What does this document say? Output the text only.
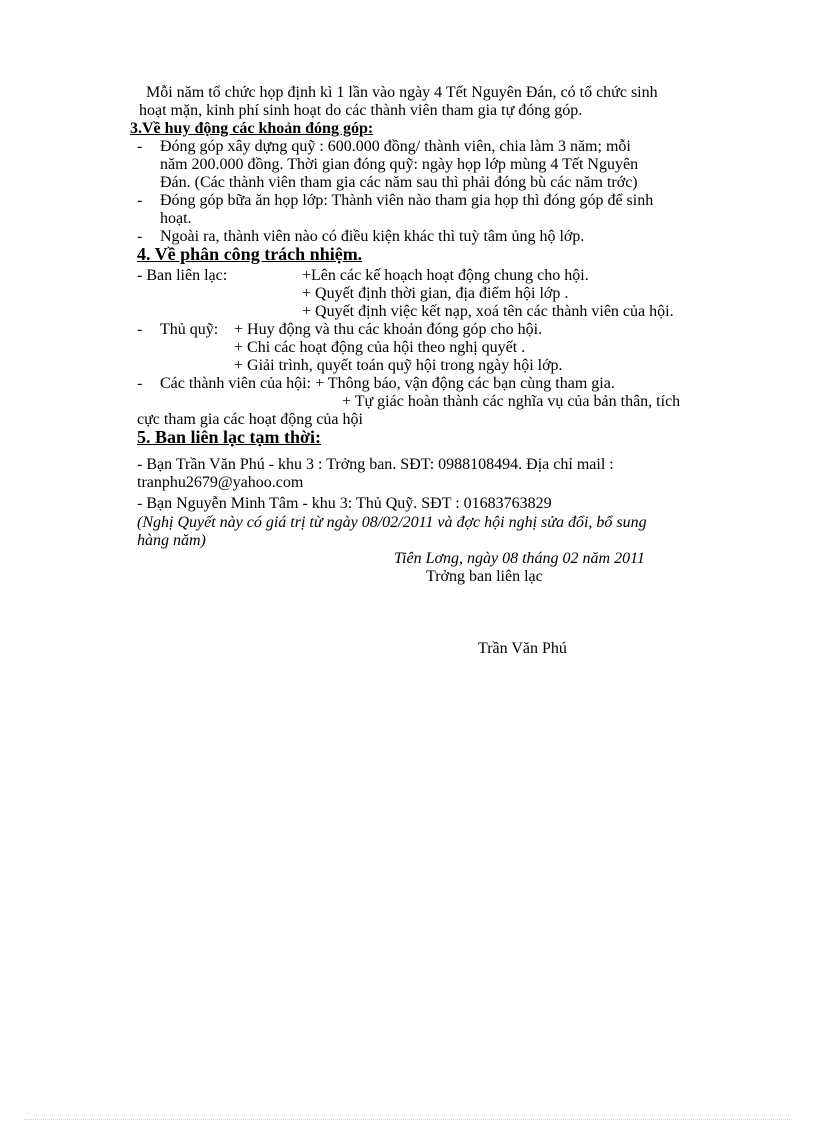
Mỗi năm tổ chức họp định kì 1 lần vào ngày 4 Tết Nguyên Đán, có tổ chức sinh
hoạt mặn, kinh phí sinh hoạt do các thành viên tham gia tự đóng góp.
3.Về huy động các khoản đóng góp:
- Đóng góp xây dựng quỹ : 600.000 đồng/ thành viên, chia làm 3 năm; mỗi
năm 200.000 đồng. Thời gian đóng quỹ: ngày họp lớp mùng 4 Tết Nguyên
Đán. (Các thành viên tham gia các năm sau thì phải đóng bù các năm trớc)
- Đóng góp bữa ăn họp lớp: Thành viên nào tham gia họp thì đóng góp để sinh
hoạt.
- Ngoài ra, thành viên nào có điều kiện khác thì tuỳ tâm ủng hộ lớp.
4. Về phân công trách nhiệm.
- Ban liên lạc:	+Lên các kế hoạch hoạt động chung cho hội.
+ Quyết định thời gian, địa điểm hội lớp .
+ Quyết định việc kết nạp, xoá tên các thành viên của hội.
- Thủ quỹ: + Huy động và thu các khoản đóng góp cho hội.
+ Chi các hoạt động của hội theo nghị quyết .
+ Giải trình, quyết toán quỹ hội trong ngày hội lớp.
- Các thành viên của hội: + Thông báo, vận động các bạn cùng tham gia.
+ Tự giác hoàn thành các nghĩa vụ của bản thân, tích
cực tham gia các hoạt động của hội
5. Ban liên lạc tạm thời:
- Bạn Trần Văn Phú - khu 3 : Trởng ban. SĐT: 0988108494. Địa chỉ mail :
tranphu2679@yahoo.com
- Bạn Nguyễn Minh Tâm - khu 3: Thủ Quỹ. SĐT : 01683763829
(Nghị Quyết này có giá trị từ ngày 08/02/2011 và đợc hội nghị sửa đổi, bổ sung
hàng năm)
Tiên Lơng, ngày 08 tháng 02 năm 2011
Trởng ban liên lạc
Trần Văn Phú
